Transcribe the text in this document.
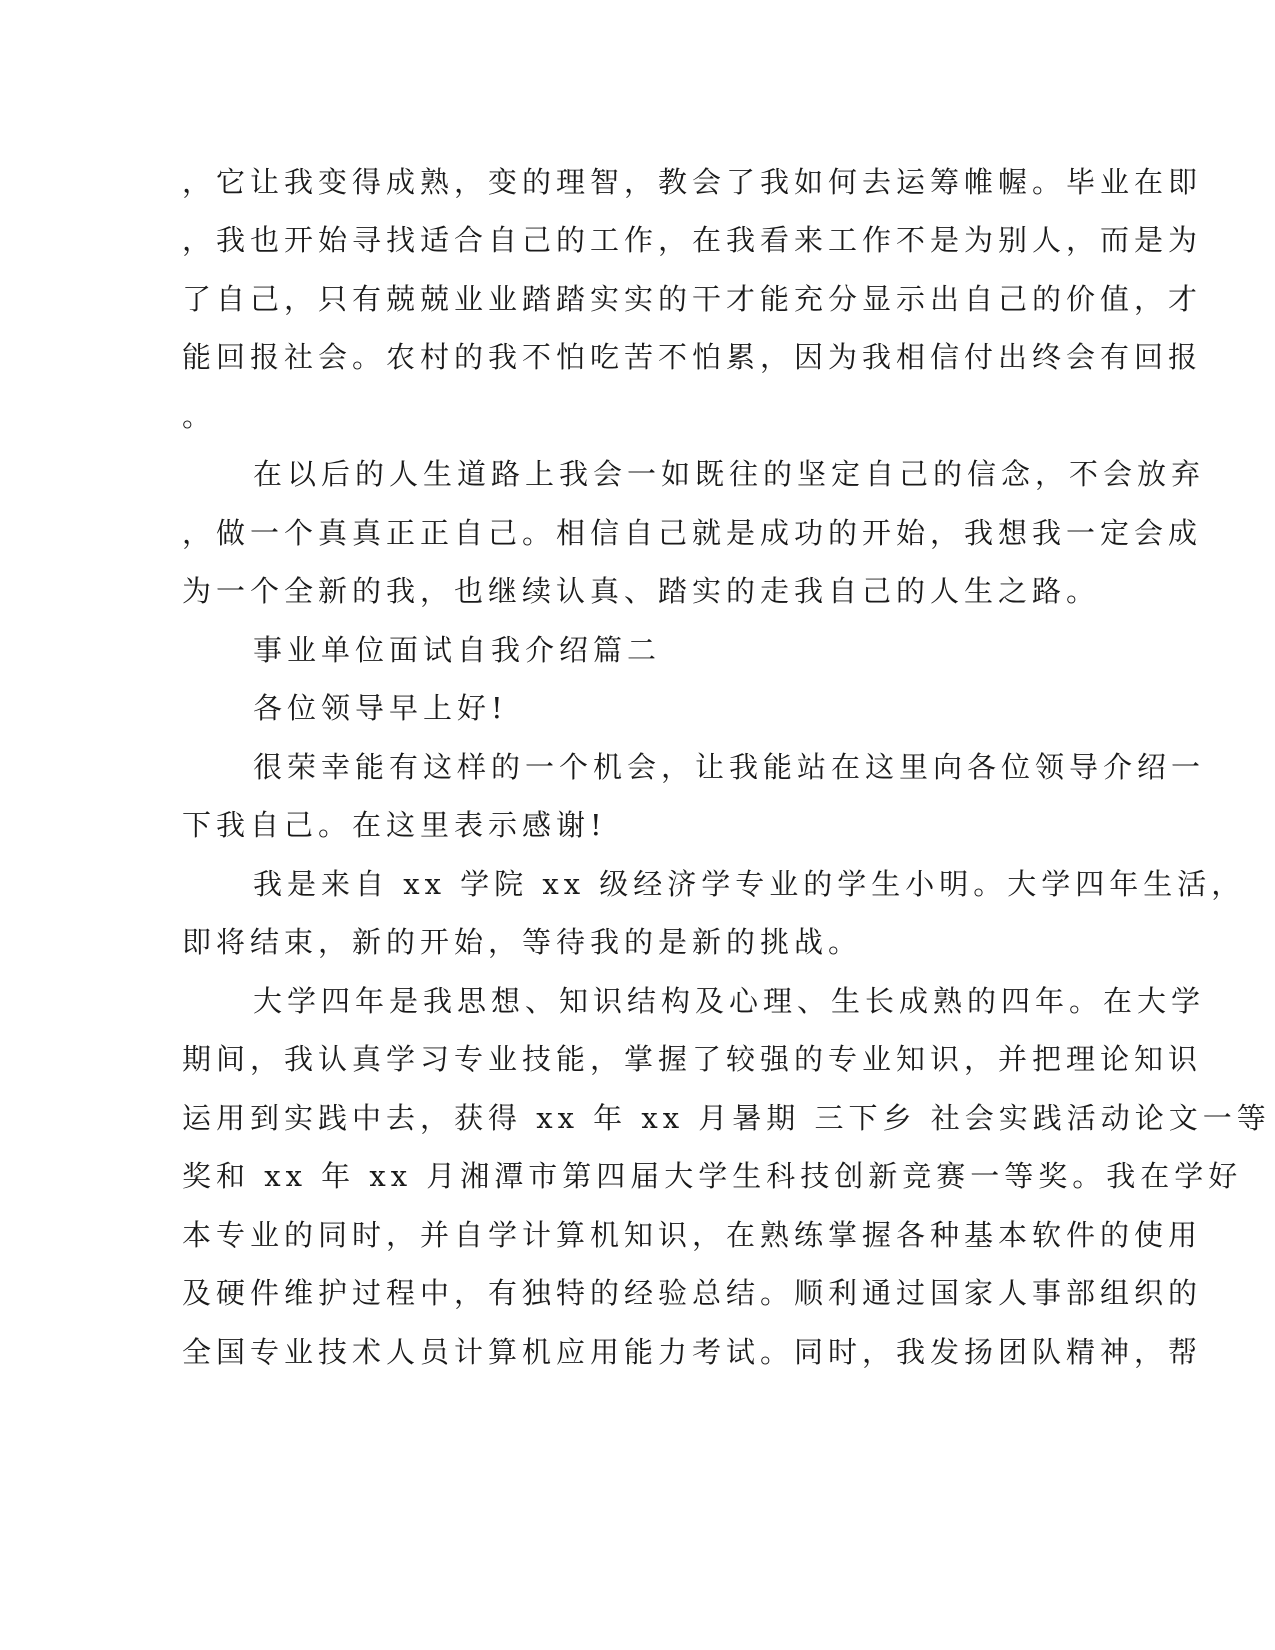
，它让我变得成熟，变的理智，教会了我如何去运筹帷幄。毕业在即

，我也开始寻找适合自己的工作，在我看来工作不是为别人，而是为

了自己，只有兢兢业业踏踏实实的干才能充分显示出自己的价值，才

能回报社会。农村的我不怕吃苦不怕累，因为我相信付出终会有回报

。

在以后的人生道路上我会一如既往的坚定自己的信念，不会放弃

，做一个真真正正自己。相信自己就是成功的开始，我想我一定会成

为一个全新的我，也继续认真、踏实的走我自己的人生之路。

事业单位面试自我介绍篇二

各位领导早上好!

很荣幸能有这样的一个机会，让我能站在这里向各位领导介绍一

下我自己。在这里表示感谢!

我是来自 xx 学院 xx 级经济学专业的学生小明。大学四年生活，

即将结束，新的开始，等待我的是新的挑战。

大学四年是我思想、知识结构及心理、生长成熟的四年。在大学

期间，我认真学习专业技能，掌握了较强的专业知识，并把理论知识

运用到实践中去，获得 xx 年 xx 月暑期 三下乡 社会实践活动论文一等

奖和 xx 年 xx 月湘潭市第四届大学生科技创新竞赛一等奖。我在学好

本专业的同时，并自学计算机知识，在熟练掌握各种基本软件的使用

及硬件维护过程中，有独特的经验总结。顺利通过国家人事部组织的

全国专业技术人员计算机应用能力考试。同时，我发扬团队精神，帮
